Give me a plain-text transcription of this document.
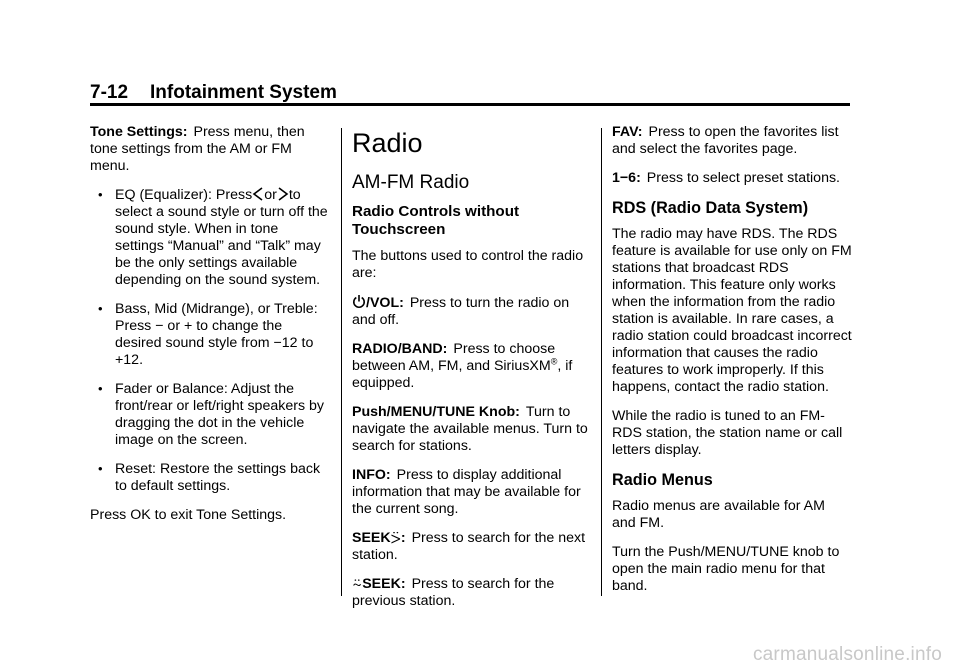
7-12 Infotainment System

Tone Settings: Press menu, then tone settings from the AM or FM menu.

• EQ (Equalizer): Press or to
select a sound style or turn off the sound style. When in tone settings “Manual” and “Talk” may be the only settings available depending on the sound system.
• Bass, Mid (Midrange), or Treble: Press − or + to change the desired sound style from −12 to +12.
• Fader or Balance: Adjust the front/rear or left/right speakers by dragging the dot in the vehicle image on the screen.
• Reset: Restore the settings back to default settings.

Press OK to exit Tone Settings.

Radio
AM-FM Radio
Radio Controls without Touchscreen

The buttons used to control the radio are:

/VOL: Press to turn the radio on and off.

RADIO/BAND: Press to choose between AM, FM, and SiriusXM®, if equipped.

Push/MENU/TUNE Knob: Turn to navigate the available menus. Turn to search for stations.

INFO: Press to display additional information that may be available for the current song.

SEEK⍩: Press to search for the next station.

⍨SEEK: Press to search for the previous station.

FAV: Press to open the favorites list and select the favorites page.

1−6: Press to select preset stations.

RDS (Radio Data System)

The radio may have RDS. The RDS feature is available for use only on FM stations that broadcast RDS information. This feature only works when the information from the radio station is available. In rare cases, a radio station could broadcast incorrect information that causes the radio features to work improperly. If this happens, contact the radio station.

While the radio is tuned to an FM-RDS station, the station name or call letters display.

Radio Menus

Radio menus are available for AM and FM.

Turn the Push/MENU/TUNE knob to open the main radio menu for that band.

carmanualsonline.info
